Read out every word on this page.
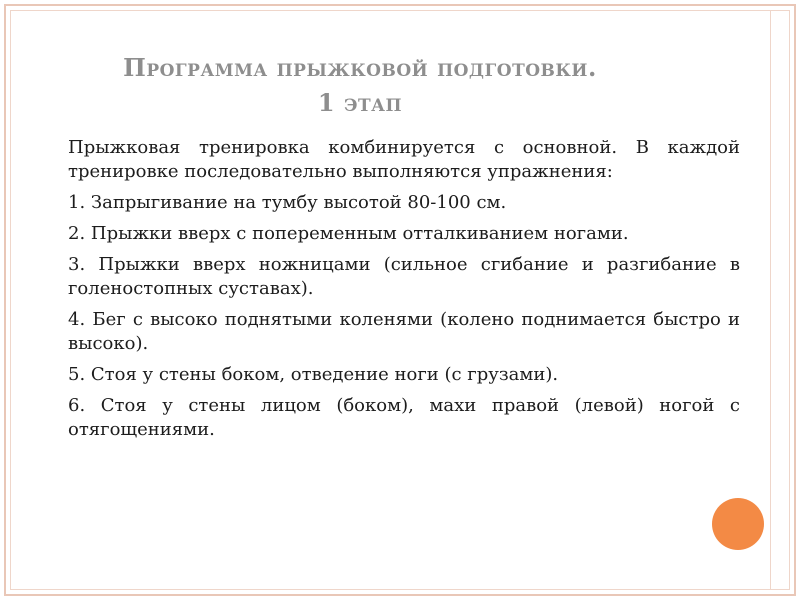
Программа прыжковой подготовки.
1 этап

Прыжковая тренировка комбинируется с основной. В каждой тренировке последовательно выполняются упражнения:

1. Запрыгивание на тумбу высотой 80-100 см.

2. Прыжки вверх с попеременным отталкиванием ногами.

3. Прыжки вверх ножницами (сильное сгибание и разгибание в голеностопных суставах).

4. Бег с высоко поднятыми коленями (колено поднимается быстро и высоко).

5. Стоя у стены боком, отведение ноги (с грузами).

6. Стоя у стены лицом (боком), махи правой (левой) ногой с отягощениями.
